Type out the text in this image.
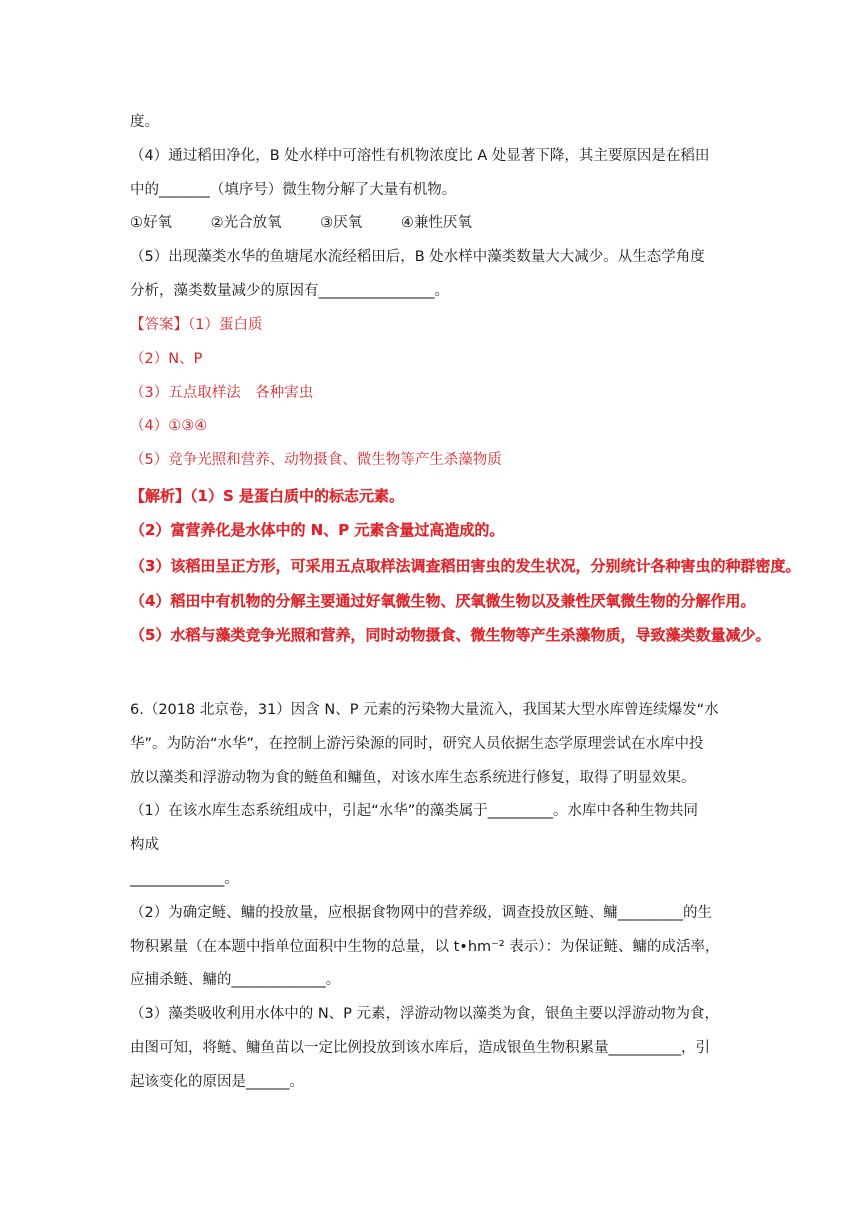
度。
（4）通过稻田净化，B 处水样中可溶性有机物浓度比 A 处显著下降，其主要原因是在稻田
中的_______（填序号）微生物分解了大量有机物。
①好氧	②光合放氧	③厌氧	④兼性厌氧
（5）出现藻类水华的鱼塘尾水流经稻田后，B 处水样中藻类数量大大减少。从生态学角度
分析，藻类数量减少的原因有________________。
【答案】（1）蛋白质
（2）N、P
（3）五点取样法　各种害虫
（4）①③④
（5）竞争光照和营养、动物摄食、微生物等产生杀藻物质
【解析】（1）S 是蛋白质中的标志元素。
（2）富营养化是水体中的 N、P 元素含量过高造成的。
（3）该稻田呈正方形，可采用五点取样法调查稻田害虫的发生状况，分别统计各种害虫的种群密度。
（4）稻田中有机物的分解主要通过好氧微生物、厌氧微生物以及兼性厌氧微生物的分解作用。
（5）水稻与藻类竞争光照和营养，同时动物摄食、微生物等产生杀藻物质，导致藻类数量减少。
6.（2018 北京卷，31）因含 N、P 元素的污染物大量流入，我国某大型水库曾连续爆发“水
华”。为防治“水华”，在控制上游污染源的同时，研究人员依据生态学原理尝试在水库中投
放以藻类和浮游动物为食的鲢鱼和鳙鱼，对该水库生态系统进行修复，取得了明显效果。
（1）在该水库生态系统组成中，引起“水华”的藻类属于_________。水库中各种生物共同
构成
_____________。
（2）为确定鲢、鳙的投放量，应根据食物网中的营养级，调查投放区鲢、鳙_________的生
物积累量（在本题中指单位面积中生物的总量，以 t•hm⁻² 表示）：为保证鲢、鳙的成活率，
应捕杀鲢、鳙的_____________。
（3）藻类吸收利用水体中的 N、P 元素，浮游动物以藻类为食，银鱼主要以浮游动物为食，
由图可知，将鲢、鳙鱼苗以一定比例投放到该水库后，造成银鱼生物积累量__________，引
起该变化的原因是______。
